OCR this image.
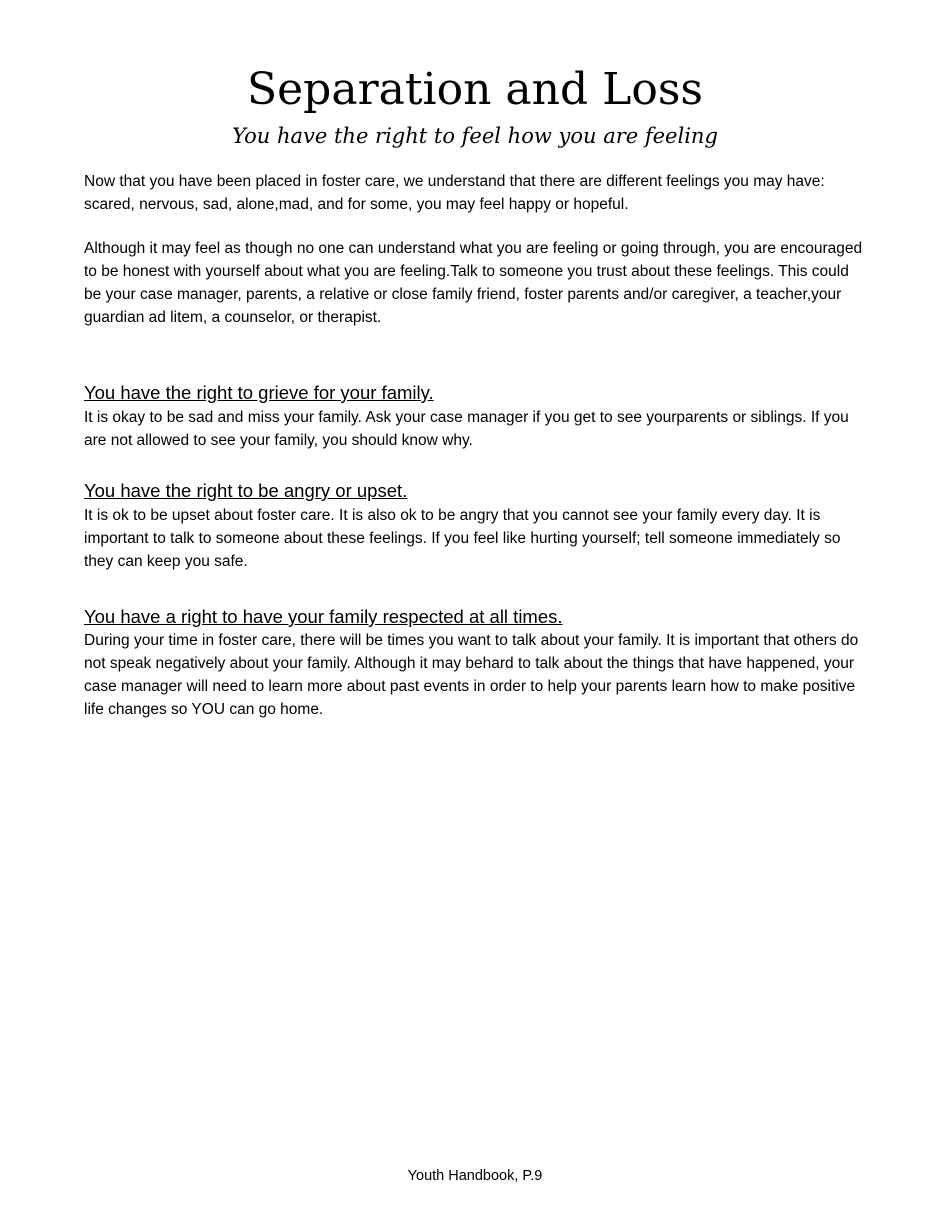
Separation and Loss
You have the right to feel how you are feeling

Now that you have been placed in foster care, we understand that there are different feelings you may have: scared, nervous, sad, alone,mad, and for some, you may feel happy or hopeful.

Although it may feel as though no one can understand what you are feeling or going through, you are encouraged to be honest with yourself about what you are feeling.Talk to someone you trust about these feelings. This could be your case manager, parents, a relative or close family friend, foster parents and/or caregiver, a teacher,your guardian ad litem, a counselor, or therapist.

You have the right to grieve for your family.

It is okay to be sad and miss your family. Ask your case manager if you get to see yourparents or siblings. If you are not allowed to see your family, you should know why.

You have the right to be angry or upset.

It is ok to be upset about foster care. It is also ok to be angry that you cannot see your family every day. It is important to talk to someone about these feelings. If you feel like hurting yourself; tell someone immediately so they can keep you safe.

You have a right to have your family respected at all times.

During your time in foster care, there will be times you want to talk about your family. It is important that others do not speak negatively about your family. Although it may behard to talk about the things that have happened, your case manager will need to learn more about past events in order to help your parents learn how to make positive life changes so YOU can go home.

Youth Handbook, P.9
